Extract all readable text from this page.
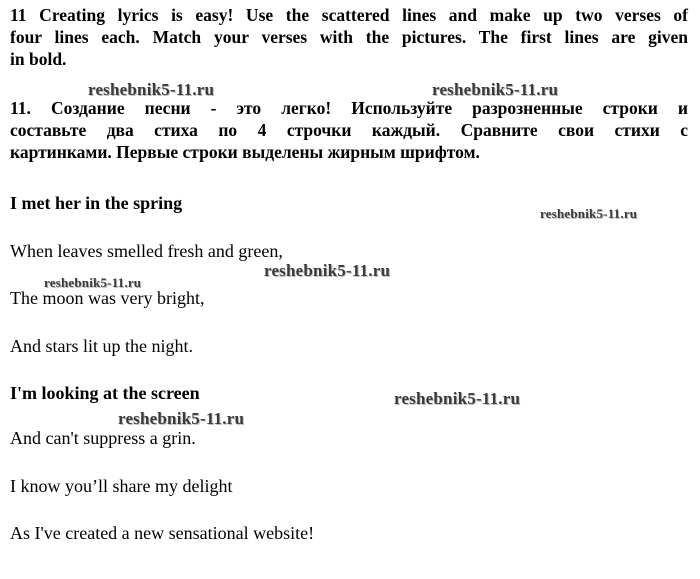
11 Creating lyrics is easy! Use the scattered lines and make up two verses of
four lines each. Match your verses with the pictures. The first lines are given
in bold.
11. Создание песни - это легко! Используйте разрозненные строки и
составьте два стиха по 4 строчки каждый. Сравните свои стихи с
картинками. Первые строки выделены жирным шрифтом.
I met her in the spring
When leaves smelled fresh and green,
The moon was very bright,
And stars lit up the night.
I'm looking at the screen
And can't suppress a grin.
I know you’ll share my delight
As I've created a new sensational website!
reshebnik5-11.ru	reshebnik5-11.ru
reshebnik5-11.ru
reshebnik5-11.ru
reshebnik5-11.ru
reshebnik5-11.ru
reshebnik5-11.ru
